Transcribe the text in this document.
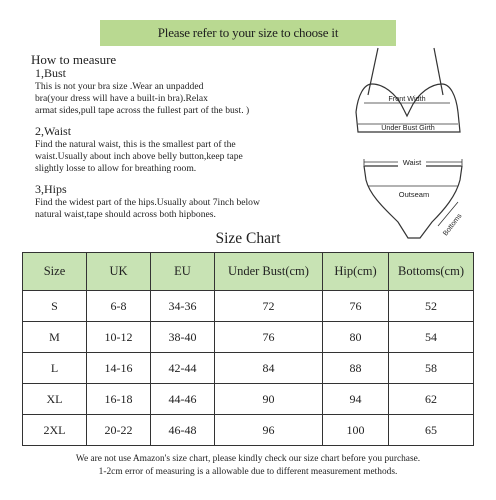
Please refer to your size to choose it
How to measure
1,Bust

This is not your bra size .Wear an unpadded

bra(your dress will have a built-in bra).Relax

armat sides,pull tape across the fullest part of the bust. )

2,Waist

Find the natural waist, this is the smallest part of the

waist.Usually about inch above belly button,keep tape

slightly losse to allow for breathing room.

3,Hips

Find the widest part of the hips.Usually about 7inch below

natural waist,tape should across both hipbones.

Front Width
Under Bust Girth
Waist
Outseam
Bottoms
Size Chart
Size	UK	EU	Under Bust(cm)	Hip(cm)	Bottoms(cm)
S	6-8	34-36	72	76	52
M	10-12	38-40	76	80	54
L	14-16	42-44	84	88	58
XL	16-18	44-46	90	94	62
2XL	20-22	46-48	96	100	65
We are not use Amazon's size chart, please kindly check our size chart before you purchase.
1-2cm error of measuring is a allowable due to different measurement methods.
